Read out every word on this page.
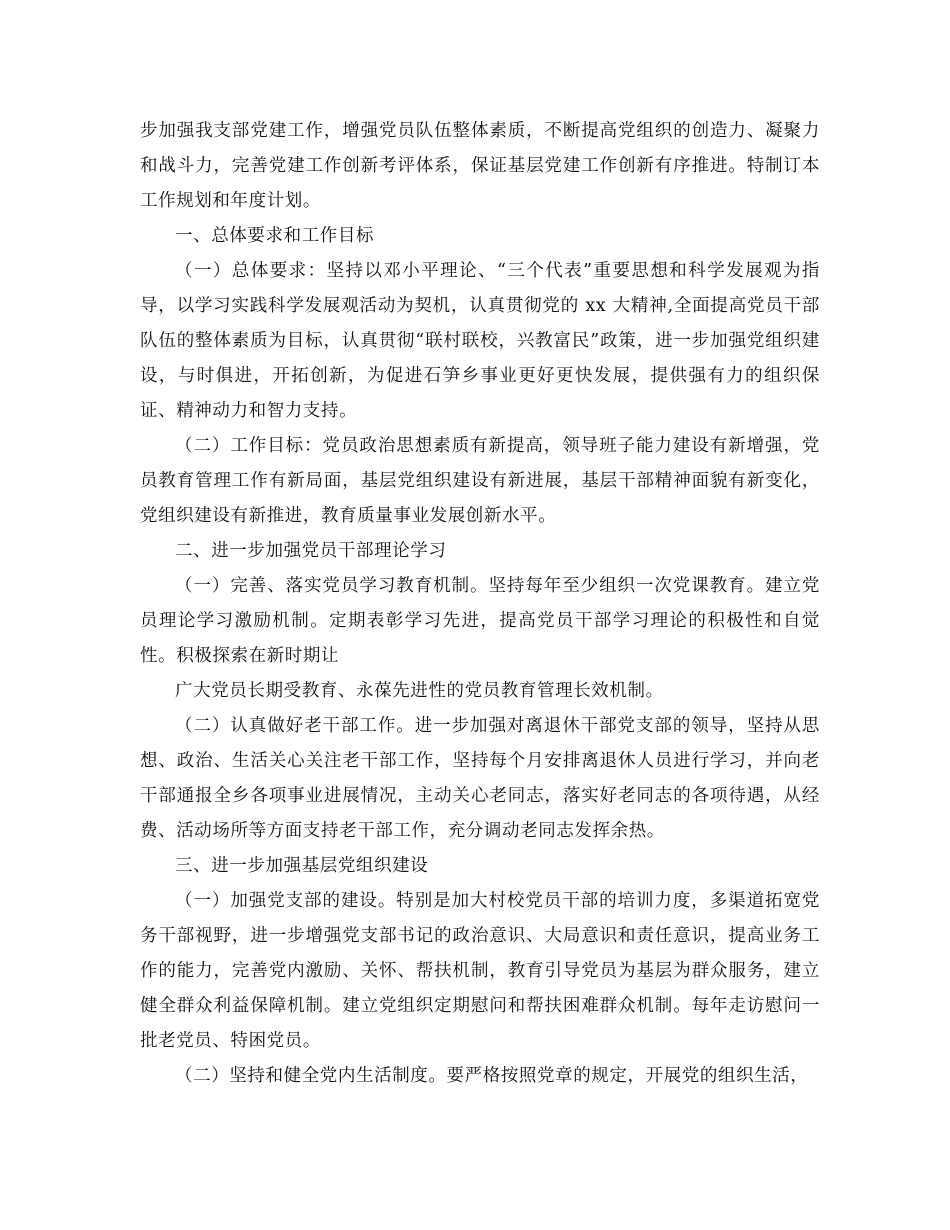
步加强我支部党建工作，增强党员队伍整体素质，不断提高党组织的创造力、凝聚力和战斗力，完善党建工作创新考评体系，保证基层党建工作创新有序推进。特制订本工作规划和年度计划。

一、总体要求和工作目标

（一）总体要求：坚持以邓小平理论、“三个代表”重要思想和科学发展观为指导，以学习实践科学发展观活动为契机，认真贯彻党的 xx 大精神,全面提高党员干部队伍的整体素质为目标，认真贯彻“联村联校，兴教富民”政策，进一步加强党组织建设，与时俱进，开拓创新，为促进石笋乡事业更好更快发展，提供强有力的组织保证、精神动力和智力支持。

（二）工作目标：党员政治思想素质有新提高，领导班子能力建设有新增强，党员教育管理工作有新局面，基层党组织建设有新进展，基层干部精神面貌有新变化，党组织建设有新推进，教育质量事业发展创新水平。

二、进一步加强党员干部理论学习

（一）完善、落实党员学习教育机制。坚持每年至少组织一次党课教育。建立党员理论学习激励机制。定期表彰学习先进，提高党员干部学习理论的积极性和自觉性。积极探索在新时期让

广大党员长期受教育、永葆先进性的党员教育管理长效机制。

（二）认真做好老干部工作。进一步加强对离退休干部党支部的领导，坚持从思想、政治、生活关心关注老干部工作，坚持每个月安排离退休人员进行学习，并向老干部通报全乡各项事业进展情况，主动关心老同志，落实好老同志的各项待遇，从经费、活动场所等方面支持老干部工作，充分调动老同志发挥余热。

三、进一步加强基层党组织建设

（一）加强党支部的建设。特别是加大村校党员干部的培训力度，多渠道拓宽党务干部视野，进一步增强党支部书记的政治意识、大局意识和责任意识，提高业务工作的能力，完善党内激励、关怀、帮扶机制，教育引导党员为基层为群众服务，建立健全群众利益保障机制。建立党组织定期慰问和帮扶困难群众机制。每年走访慰问一批老党员、特困党员。

（二）坚持和健全党内生活制度。要严格按照党章的规定，开展党的组织生活，
